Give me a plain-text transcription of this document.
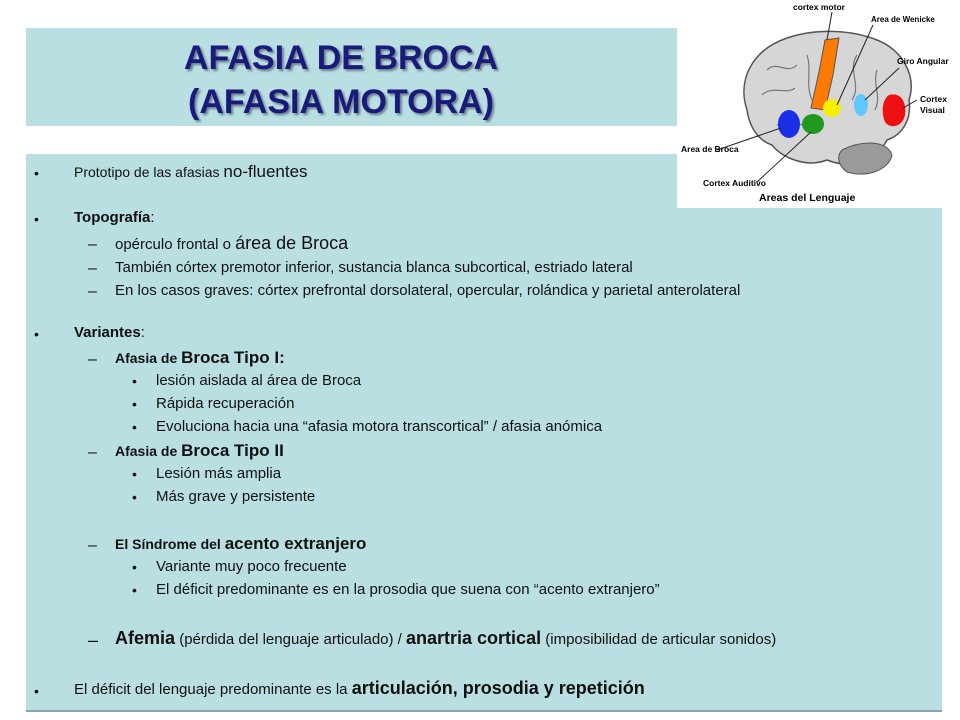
AFASIA DE BROCA
(AFASIA MOTORA)
cortex motor
Area de Wenicke
Giro Angular
Cortex
Visual
Area de Broca
Cortex Auditivo
Areas del Lenguaje
•	Prototipo de las afasias no-fluentes
• Topografía:
– opérculo frontal o área de Broca
– También córtex premotor inferior, sustancia blanca subcortical, estriado lateral
– En los casos graves: córtex prefrontal dorsolateral, opercular, rolándica y parietal anterolateral
• Variantes:
– Afasia de Broca Tipo I:
• lesión aislada al área de Broca
• Rápida recuperación
• Evoluciona hacia una “afasia motora transcortical” / afasia anómica
– Afasia de Broca Tipo II
• Lesión más amplia
• Más grave y persistente
– El Síndrome del acento extranjero
• Variante muy poco frecuente
• El déficit predominante es en la prosodia que suena con “acento extranjero”
– Afemia (pérdida del lenguaje articulado) / anartria cortical (imposibilidad de articular sonidos)
• El déficit del lenguaje predominante es la articulación, prosodia y repetición
